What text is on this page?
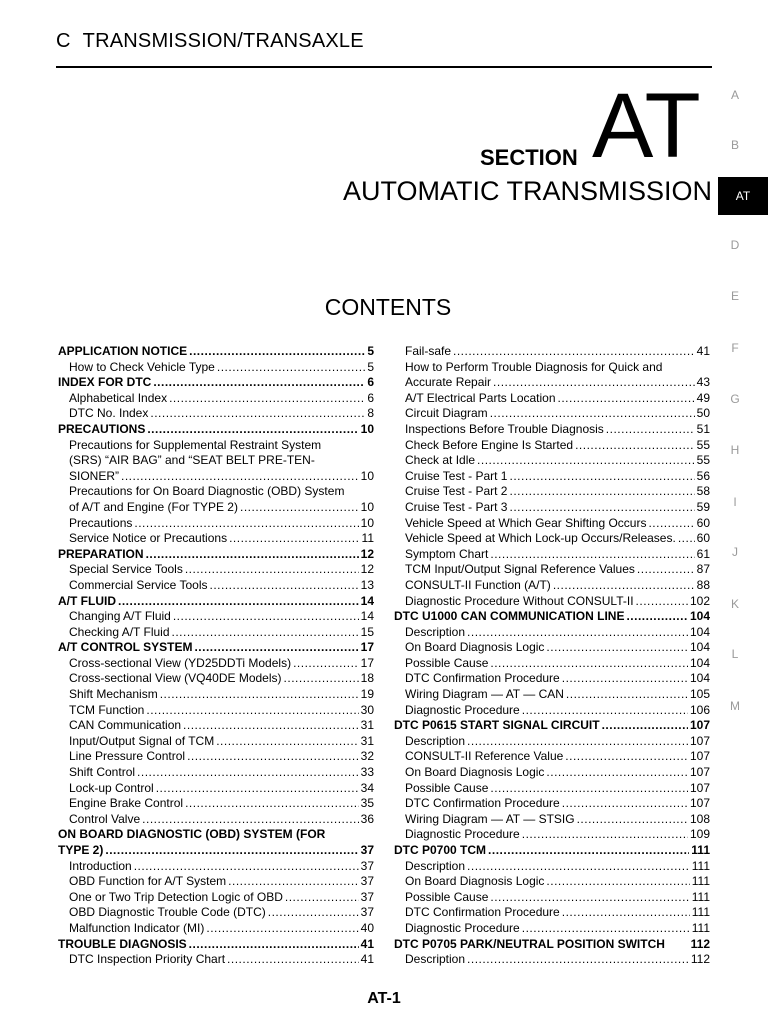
C TRANSMISSION/TRANSAXLE
SECTION AT
AUTOMATIC TRANSMISSION
CONTENTS
A
B
AT
D
E
F
G
H
I
J
K
L
M
APPLICATION NOTICE .....	5
How to Check Vehicle Type .....	5
INDEX FOR DTC .....	6
Alphabetical Index .....	6
DTC No. Index .....	8
PRECAUTIONS .....	10
Precautions for Supplemental Restraint System
(SRS) “AIR BAG” and “SEAT BELT PRE-TEN-
SIONER” .....	10
Precautions for On Board Diagnostic (OBD) System
of A/T and Engine (For TYPE 2) .....	10
Precautions .....	10
Service Notice or Precautions .....	11
PREPARATION .....	12
Special Service Tools .....	12
Commercial Service Tools .....	13
A/T FLUID .....	14
Changing A/T Fluid .....	14
Checking A/T Fluid .....	15
A/T CONTROL SYSTEM .....	17
Cross-sectional View (YD25DDTi Models) .....	17
Cross-sectional View (VQ40DE Models) .....	18
Shift Mechanism .....	19
TCM Function .....	30
CAN Communication .....	31
Input/Output Signal of TCM .....	31
Line Pressure Control .....	32
Shift Control .....	33
Lock-up Control .....	34
Engine Brake Control .....	35
Control Valve .....	36
ON BOARD DIAGNOSTIC (OBD) SYSTEM (FOR
TYPE 2) .....	37
Introduction .....	37
OBD Function for A/T System .....	37
One or Two Trip Detection Logic of OBD .....	37
OBD Diagnostic Trouble Code (DTC) .....	37
Malfunction Indicator (MI) .....	40
TROUBLE DIAGNOSIS .....	41
DTC Inspection Priority Chart .....	41
Fail-safe .....	41
How to Perform Trouble Diagnosis for Quick and
Accurate Repair .....	43
A/T Electrical Parts Location .....	49
Circuit Diagram .....	50
Inspections Before Trouble Diagnosis .....	51
Check Before Engine Is Started .....	55
Check at Idle .....	55
Cruise Test - Part 1 .....	56
Cruise Test - Part 2 .....	58
Cruise Test - Part 3 .....	59
Vehicle Speed at Which Gear Shifting Occurs .....	60
Vehicle Speed at Which Lock-up Occurs/Releases. ..... 60
Symptom Chart .....	61
TCM Input/Output Signal Reference Values .....	87
CONSULT-II Function (A/T) .....	88
Diagnostic Procedure Without CONSULT-II .....	102
DTC U1000 CAN COMMUNICATION LINE .....	104
Description .....	104
On Board Diagnosis Logic .....	104
Possible Cause .....	104
DTC Confirmation Procedure .....	104
Wiring Diagram — AT — CAN .....	105
Diagnostic Procedure .....	106
DTC P0615 START SIGNAL CIRCUIT .....	107
Description .....	107
CONSULT-II Reference Value .....	107
On Board Diagnosis Logic .....	107
Possible Cause .....	107
DTC Confirmation Procedure .....	107
Wiring Diagram — AT — STSIG .....	108
Diagnostic Procedure .....	109
DTC P0700 TCM .....	111
Description .....	111
On Board Diagnosis Logic .....	111
Possible Cause .....	111
DTC Confirmation Procedure .....	111
Diagnostic Procedure .....	111
DTC P0705 PARK/NEUTRAL POSITION SWITCH 112
Description .....	112
AT-1
